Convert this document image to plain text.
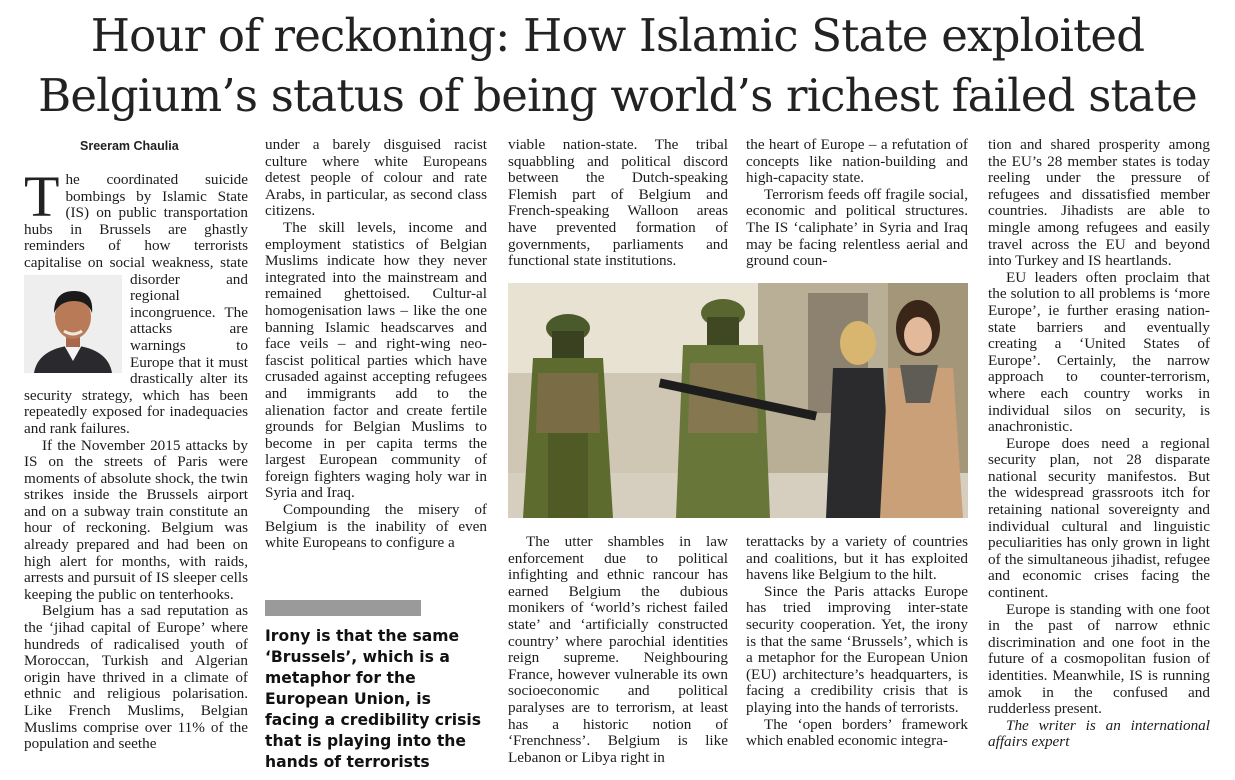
Hour of reckoning: How Islamic State exploited
Belgium’s status of being world’s richest failed state
Sreeram Chaulia

The coordinated suicide bombings by Islamic State (IS) on public transportation hubs in Brussels are ghastly reminders of how terrorists capitalise on social weakness, state
disorder and regional incongruence. The attacks are warnings to Europe that it must drastically alter its security strategy, which has been repeatedly exposed for inadequacies and rank failures.

If the November 2015 attacks by IS on the streets of Paris were moments of absolute shock, the twin strikes inside the Brussels airport and on a subway train constitute an hour of reckoning. Belgium was already prepared and had been on high alert for months, with raids, arrests and pursuit of IS sleeper cells keeping the public on tenterhooks.

Belgium has a sad reputation as the ‘jihad capital of Europe’ where hundreds of radicalised youth of Moroccan, Turkish and Algerian origin have thrived in a climate of ethnic and religious polarisation. Like French Muslims, Belgian Muslims comprise over 11% of the population and seethe

under a barely disguised racist culture where white Europeans detest people of colour and rate Arabs, in particular, as second class citizens.

The skill levels, income and employment statistics of Belgian Muslims indicate how they never integrated into the mainstream and remained ghettoised. Cultur-al homogenisation laws – like the one banning Islamic headscarves and face veils – and right-wing neo-fascist political parties which have crusaded against accepting refugees and immigrants add to the alienation factor and create fertile grounds for Belgian Muslims to become in per capita terms the largest European community of foreign fighters waging holy war in Syria and Iraq.

Compounding the misery of Belgium is the inability of even white Europeans to configure a

Irony is that the same ‘Brussels’, which is a metaphor for the European Union, is facing a credibility crisis that is playing into the hands of terrorists

viable nation-state. The tribal squabbling and political discord between the Dutch-speaking Flemish part of Belgium and French-speaking Walloon areas have prevented formation of governments, parliaments and functional state institutions.

the heart of Europe – a refutation of concepts like nation-building and high-capacity state.

Terrorism feeds off fragile social, economic and political structures. The IS ‘caliphate’ in Syria and Iraq may be facing relentless aerial and ground coun-

The utter shambles in law enforcement due to political infighting and ethnic rancour has earned Belgium the dubious monikers of ‘world’s richest failed state’ and ‘artificially constructed country’ where parochial identities reign supreme. Neighbouring France, however vulnerable its own socioeconomic and political paralyses are to terrorism, at least has a historic notion of ‘Frenchness’. Belgium is like Lebanon or Libya right in

terattacks by a variety of countries and coalitions, but it has exploited havens like Belgium to the hilt.

Since the Paris attacks Europe has tried improving inter-state security cooperation. Yet, the irony is that the same ‘Brussels’, which is a metaphor for the European Union (EU) architecture’s headquarters, is facing a credibility crisis that is playing into the hands of terrorists.

The ‘open borders’ framework which enabled economic integra-

tion and shared prosperity among the EU’s 28 member states is today reeling under the pressure of refugees and dissatisfied member countries. Jihadists are able to mingle among refugees and easily travel across the EU and beyond into Turkey and IS heartlands.

EU leaders often proclaim that the solution to all problems is ‘more Europe’, ie further erasing nation-state barriers and eventually creating a ‘United States of Europe’. Certainly, the narrow approach to counter-terrorism, where each country works in individual silos on security, is anachronistic.

Europe does need a regional security plan, not 28 disparate national security manifestos. But the widespread grassroots itch for retaining national sovereignty and individual cultural and linguistic peculiarities has only grown in light of the simultaneous jihadist, refugee and economic crises facing the continent.

Europe is standing with one foot in the past of narrow ethnic discrimination and one foot in the future of a cosmopolitan fusion of identities. Meanwhile, IS is running amok in the confused and rudderless present.

The writer is an international affairs expert
